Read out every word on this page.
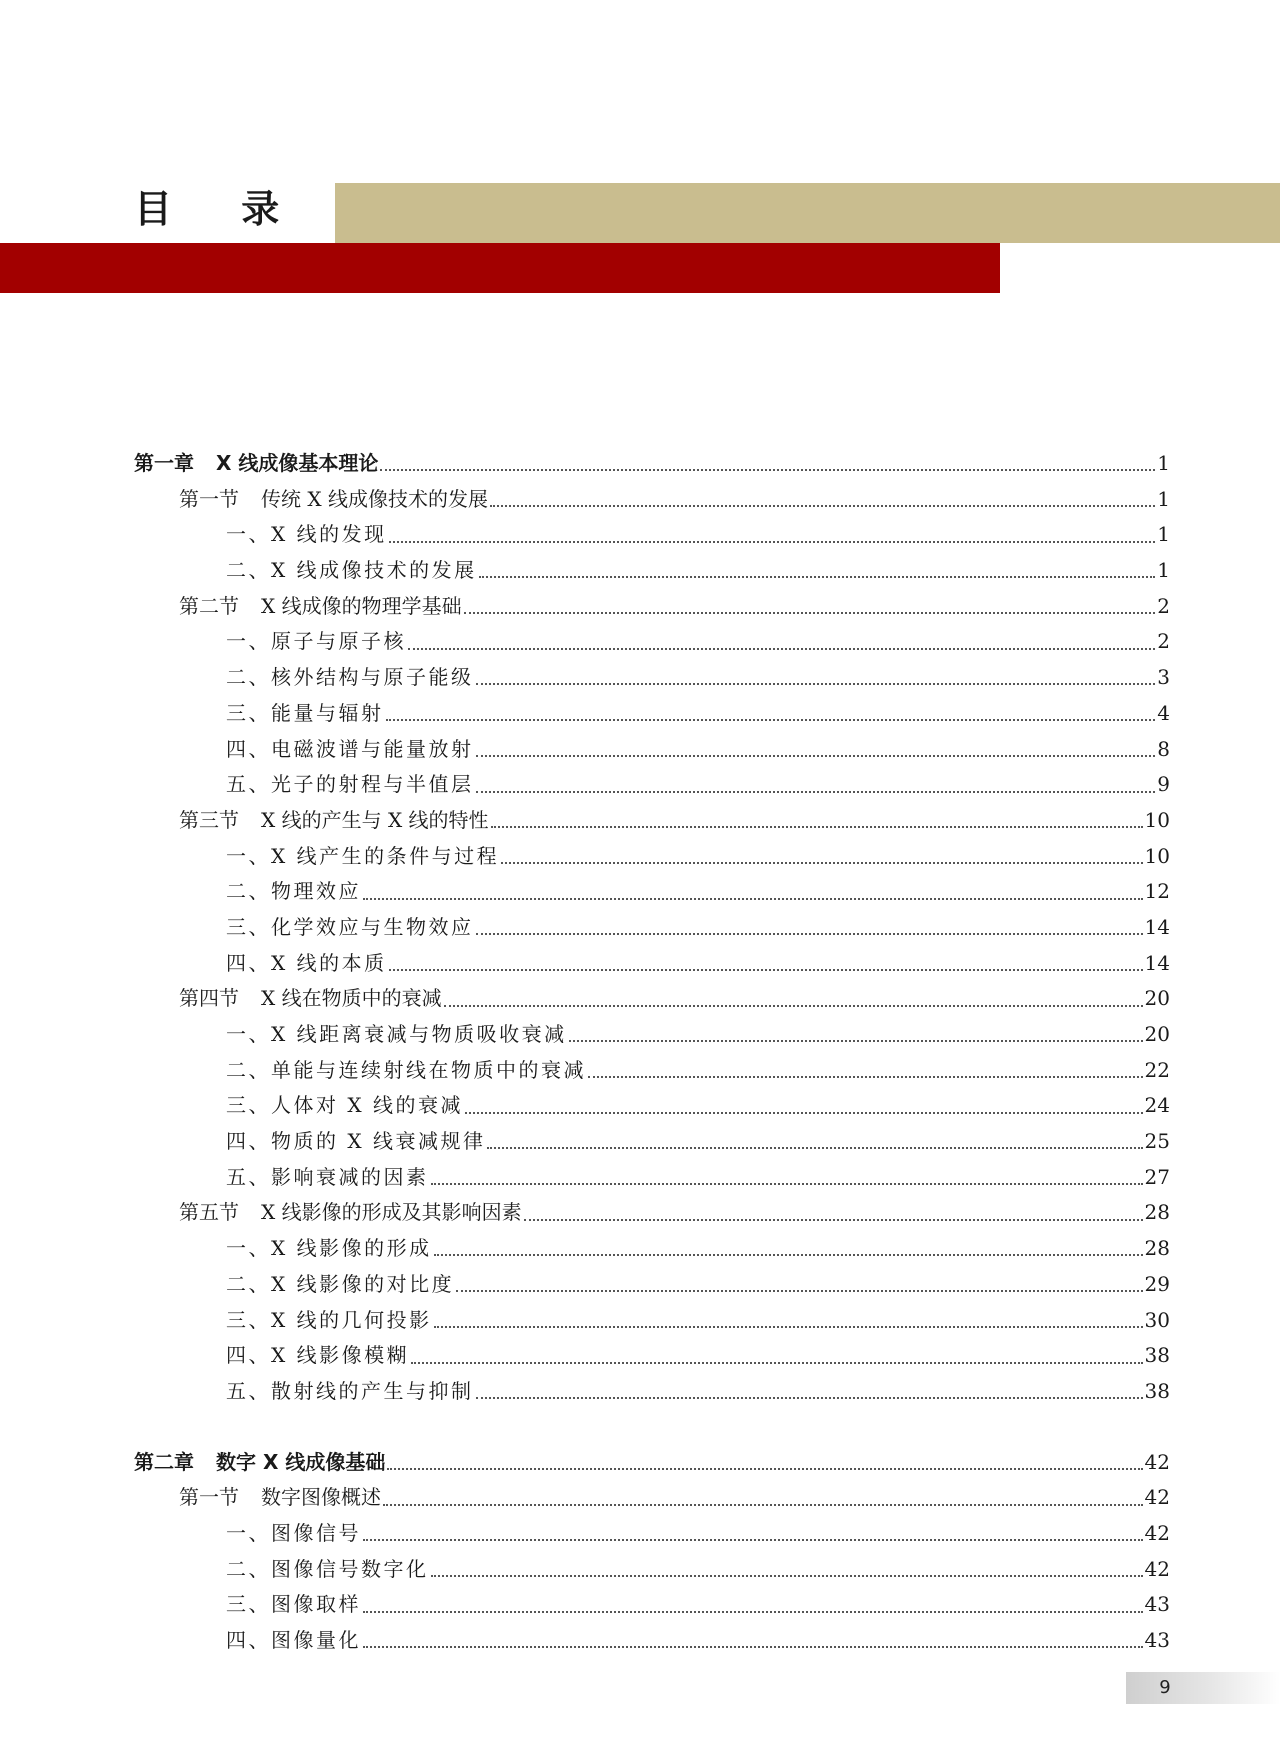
目 录
第一章 X 线成像基本理论	1
第一节 传统 X 线成像技术的发展	1
一、X 线的发现	1
二、X 线成像技术的发展	1
第二节 X 线成像的物理学基础	2
一、原子与原子核	2
二、核外结构与原子能级	3
三、能量与辐射	4
四、电磁波谱与能量放射	8
五、光子的射程与半值层	9
第三节 X 线的产生与 X 线的特性	10
一、X 线产生的条件与过程	10
二、物理效应	12
三、化学效应与生物效应	14
四、X 线的本质	14
第四节 X 线在物质中的衰减	20
一、X 线距离衰减与物质吸收衰减	20
二、单能与连续射线在物质中的衰减	22
三、人体对 X 线的衰减	24
四、物质的 X 线衰减规律	25
五、影响衰减的因素	27
第五节 X 线影像的形成及其影响因素	28
一、X 线影像的形成	28
二、X 线影像的对比度	29
三、X 线的几何投影	30
四、X 线影像模糊	38
五、散射线的产生与抑制	38
第二章 数字 X 线成像基础	42
第一节 数字图像概述	42
一、图像信号	42
二、图像信号数字化	42
三、图像取样	43
四、图像量化	43
9
